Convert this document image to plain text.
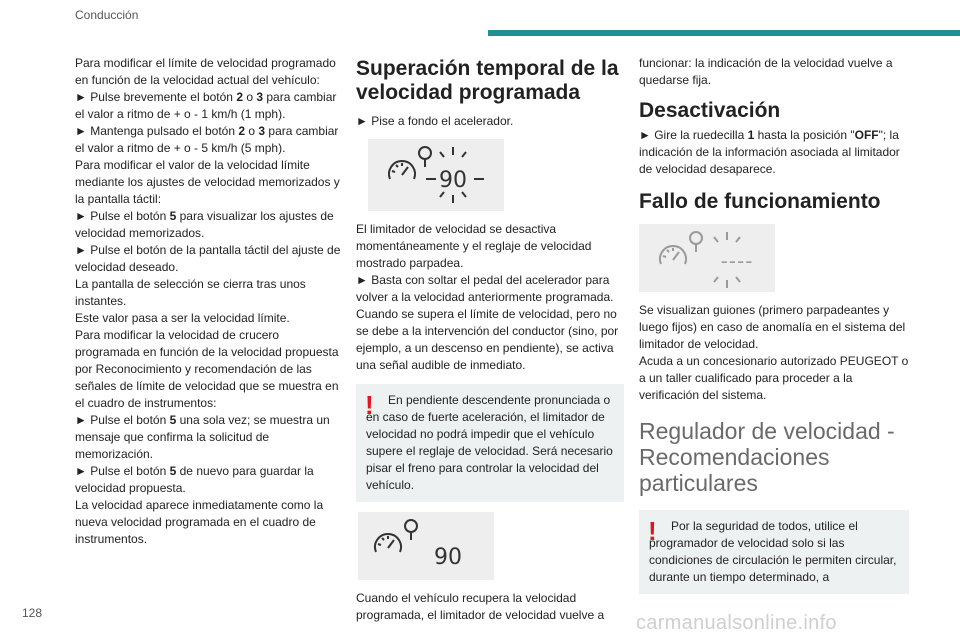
Conducción

Para modificar el límite de velocidad programado en función de la velocidad actual del vehículo:

► Pulse brevemente el botón 2 o 3 para cambiar el valor a ritmo de + o - 1 km/h (1 mph).

► Mantenga pulsado el botón 2 o 3 para cambiar el valor a ritmo de + o - 5 km/h (5 mph).

Para modificar el valor de la velocidad límite mediante los ajustes de velocidad memorizados y la pantalla táctil:

► Pulse el botón 5 para visualizar los ajustes de velocidad memorizados.

► Pulse el botón de la pantalla táctil del ajuste de velocidad deseado.

La pantalla de selección se cierra tras unos instantes.

Este valor pasa a ser la velocidad límite.

Para modificar la velocidad de crucero programada en función de la velocidad propuesta por Reconocimiento y recomendación de las señales de límite de velocidad que se muestra en el cuadro de instrumentos:

► Pulse el botón 5 una sola vez; se muestra un mensaje que confirma la solicitud de memorización.

► Pulse el botón 5 de nuevo para guardar la velocidad propuesta.

La velocidad aparece inmediatamente como la nueva velocidad programada en el cuadro de instrumentos.

Superación temporal de la velocidad programada

► Pise a fondo el acelerador.

90

El limitador de velocidad se desactiva momentáneamente y el reglaje de velocidad mostrado parpadea.

► Basta con soltar el pedal del acelerador para volver a la velocidad anteriormente programada.

Cuando se supera el límite de velocidad, pero no se debe a la intervención del conductor (sino, por ejemplo, a un descenso en pendiente), se activa una señal audible de inmediato.

!	En pendiente descendente pronunciada o en caso de fuerte aceleración, el limitador de velocidad no podrá impedir que el vehículo supere el reglaje de velocidad. Será necesario pisar el freno para controlar la velocidad del vehículo.

90

Cuando el vehículo recupera la velocidad programada, el limitador de velocidad vuelve a

funcionar: la indicación de la velocidad vuelve a quedarse fija.

Desactivación

► Gire la ruedecilla 1 hasta la posición "OFF"; la indicación de la información asociada al limitador de velocidad desaparece.

Fallo de funcionamiento
----

Se visualizan guiones (primero parpadeantes y luego fijos) en caso de anomalía en el sistema del limitador de velocidad.

Acuda a un concesionario autorizado PEUGEOT o a un taller cualificado para proceder a la verificación del sistema.

Regulador de velocidad - Recomendaciones particulares
!	Por la seguridad de todos, utilice el programador de velocidad solo si las condiciones de circulación le permiten circular, durante un tiempo determinado, a

128	carmanualsonline.info
